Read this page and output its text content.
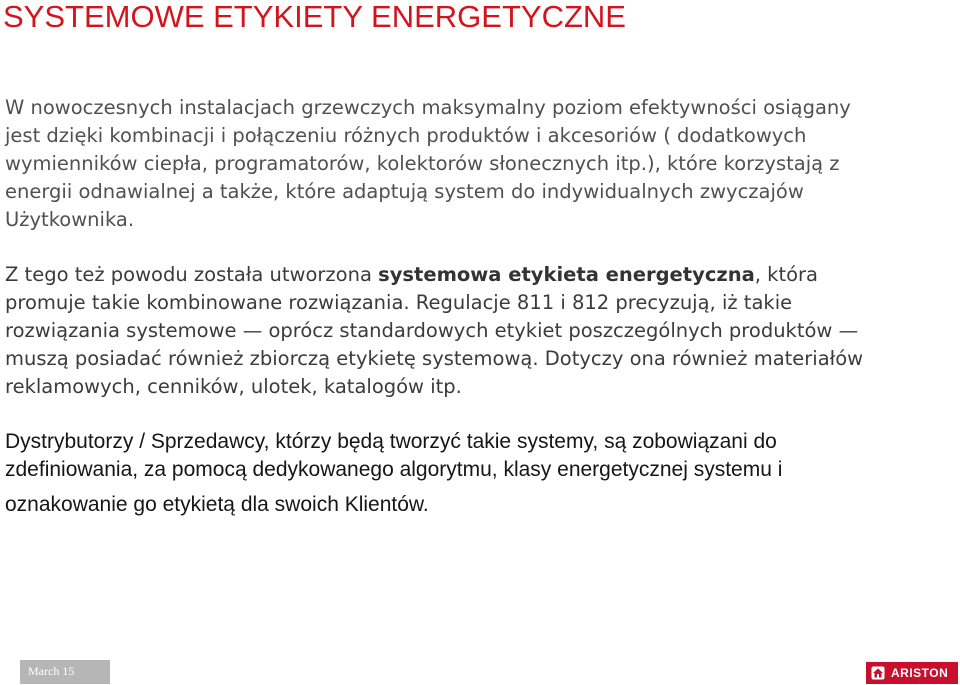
SYSTEMOWE ETYKIETY ENERGETYCZNE
W nowoczesnych instalacjach grzewczych maksymalny poziom efektywności osiągany
jest dzięki kombinacji i połączeniu różnych produktów i akcesoriów ( dodatkowych
wymienników ciepła, programatorów, kolektorów słonecznych itp.), które korzystają z
energii odnawialnej a także, które adaptują system do indywidualnych zwyczajów
Użytkownika.
Z tego też powodu została utworzona systemowa etykieta energetyczna, która
promuje takie kombinowane rozwiązania. Regulacje 811 i 812 precyzują, iż takie
rozwiązania systemowe — oprócz standardowych etykiet poszczególnych produktów —
muszą posiadać również zbiorczą etykietę systemową. Dotyczy ona również materiałów
reklamowych, cenników, ulotek, katalogów itp.
Dystrybutorzy / Sprzedawcy, którzy będą tworzyć takie systemy, są zobowiązani do
zdefiniowania, za pomocą dedykowanego algorytmu, klasy energetycznej systemu i
oznakowanie go etykietą dla swoich Klientów.
March 15	ARISTON
